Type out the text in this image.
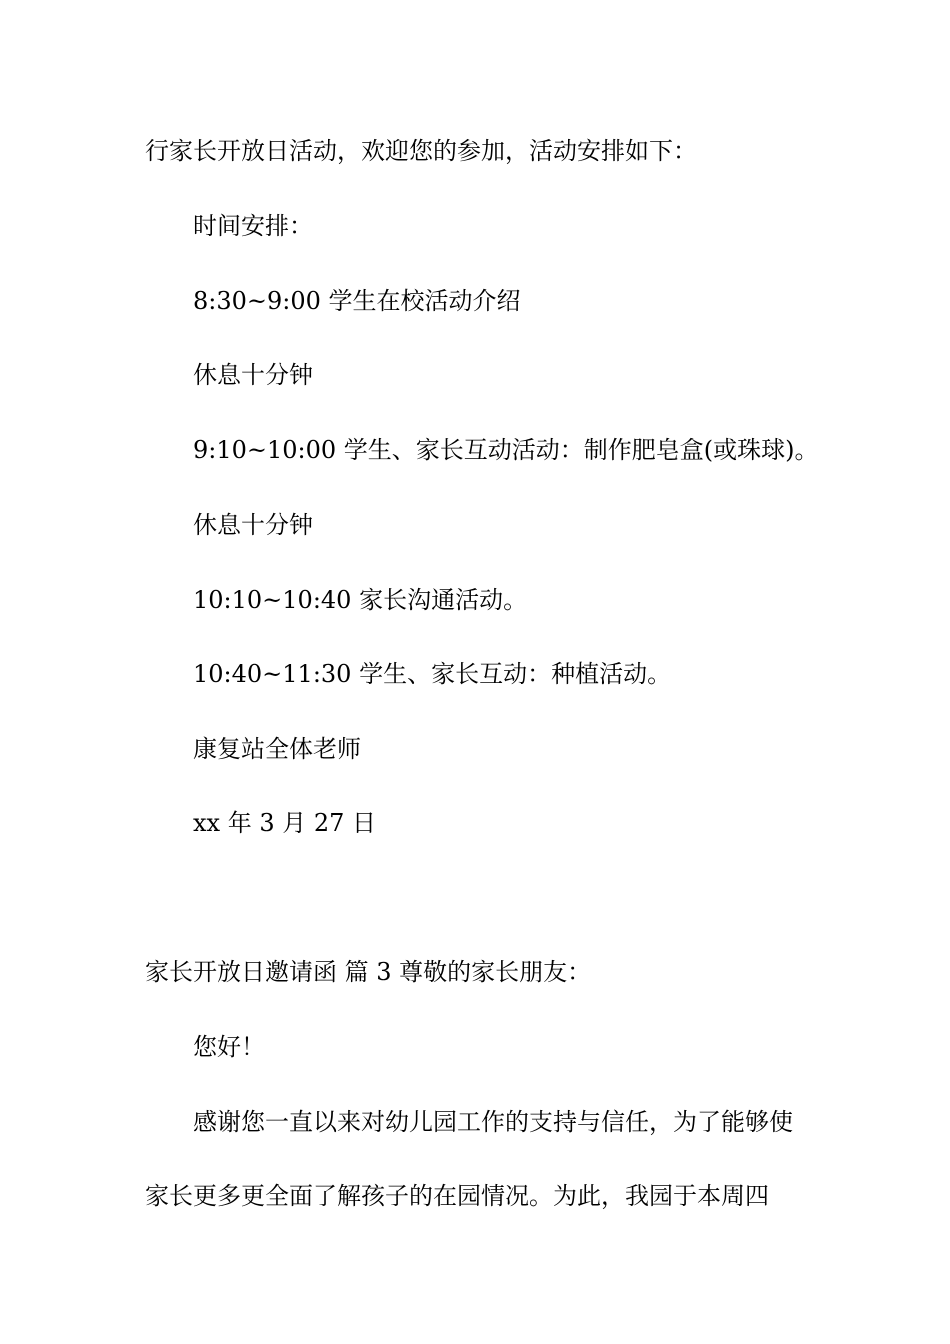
行家长开放日活动，欢迎您的参加，活动安排如下：
时间安排：
8:30~9:00 学生在校活动介绍
休息十分钟
9:10~10:00 学生、家长互动活动：制作肥皂盒(或珠球)。
休息十分钟
10:10~10:40 家长沟通活动。
10:40~11:30 学生、家长互动：种植活动。
康复站全体老师
xx 年 3 月 27 日
家长开放日邀请函 篇 3 尊敬的家长朋友：
您好！
感谢您一直以来对幼儿园工作的支持与信任，为了能够使
家长更多更全面了解孩子的在园情况。为此，我园于本周四
